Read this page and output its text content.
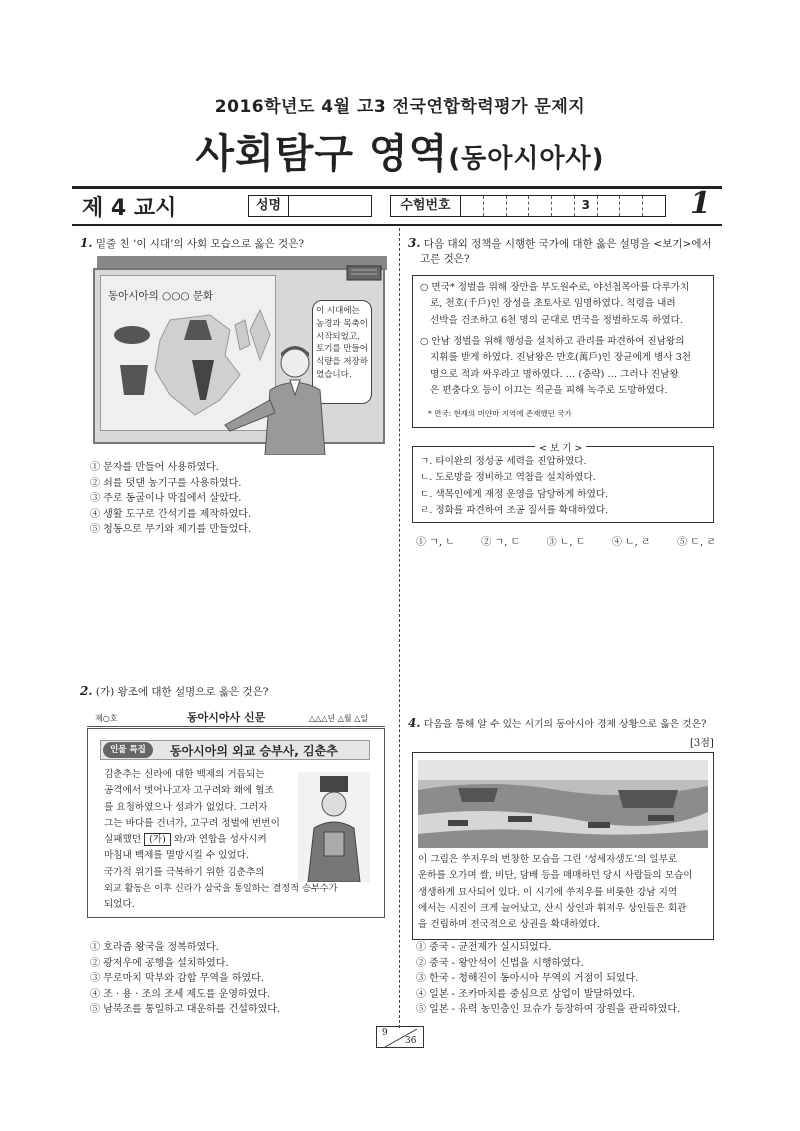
2016학년도 4월 고3 전국연합학력평가 문제지
사회탐구 영역(동아시아사)
제 4 교시	성명	수험번호	3	1
1. 밑줄 친 ‘이 시대’의 사회 모습으로 옳은 것은?
동아시아의 ○○○ 문화
이 시대에는
농경과 목축이
시작되었고,
토기를 만들어
식량을 저장하
였습니다.
① 문자를 만들어 사용하였다.
② 쇠를 덧댄 농기구를 사용하였다.
③ 주로 동굴이나 막집에서 살았다.
④ 생활 도구로 간석기를 제작하였다.
⑤ 청동으로 무기와 제기를 만들었다.
2. (가) 왕조에 대한 설명으로 옳은 것은?
제○호	동아시아사 신문	△△△년 △월 △일
인물 특집	동아시아의 외교 승부사, 김춘추
김춘추는 신라에 대한 백제의 거듭되는
공격에서 벗어나고자 고구려와 왜에 협조
를 요청하였으나 성과가 없었다. 그러자
그는 바다를 건너가, 고구려 정벌에 번번이
실패했던 (가) 와/과 연합을 성사시켜
마침내 백제를 멸망시킬 수 있었다.
국가적 위기를 극복하기 위한 김춘추의
외교 활동은 이후 신라가 삼국을 통일하는 결정적 승부수가
되었다.
① 호라즘 왕국을 정복하였다.
② 광저우에 공행을 설치하였다.
③ 무로마치 막부와 감합 무역을 하였다.
④ 조 · 용 · 조의 조세 제도를 운영하였다.
⑤ 남북조를 통일하고 대운하를 건설하였다.
3. 다음 대외 정책을 시행한 국가에 대한 옳은 설명을 <보기>에서
고른 것은?
○ 면국* 정벌을 위해 장만을 부도원수로, 야선첩목아를 다루가치
로, 천호(千戶)인 장성을 초토사로 임명하였다. 칙령을 내려
선박을 건조하고 6천 명의 군대로 면국을 정벌하도록 하였다.
○ 안남 정벌을 위해 행성을 설치하고 관리를 파견하여 진남왕의
지휘를 받게 하였다. 진남왕은 만호(萬戶)인 장균에게 병사 3천
명으로 적과 싸우라고 명하였다. … (중략) … 그러나 진남왕
은 편충다오 등이 이끄는 적군을 피해 녹주로 도망하였다.
* 면국: 현재의 미얀마 지역에 존재했던 국가
< 보 기 >
ㄱ. 타이완의 정성공 세력을 진압하였다.
ㄴ. 도로망을 정비하고 역참을 설치하였다.
ㄷ. 색목인에게 재정 운영을 담당하게 하였다.
ㄹ. 정화를 파견하여 조공 질서를 확대하였다.
① ㄱ, ㄴ	② ㄱ, ㄷ	③ ㄴ, ㄷ	④ ㄴ, ㄹ	⑤ ㄷ, ㄹ
4. 다음을 통해 알 수 있는 시기의 동아시아 경제 상황으로 옳은 것은?
[3점]
이 그림은 쑤저우의 번창한 모습을 그린 ‘성세자생도’의 일부로
운하를 오가며 쌀, 비단, 담배 등을 매매하던 당시 사람들의 모습이
생생하게 묘사되어 있다. 이 시기에 쑤저우를 비롯한 강남 지역
에서는 시진이 크게 늘어났고, 산시 상인과 휘저우 상인들은 회관
을 건립하며 전국적으로 상권을 확대하였다.
① 중국 - 균전제가 실시되었다.
② 중국 - 왕안석이 신법을 시행하였다.
③ 한국 - 청해진이 동아시아 무역의 거점이 되었다.
④ 일본 - 조카마치를 중심으로 상업이 발달하였다.
⑤ 일본 - 유력 농민층인 묘슈가 등장하여 장원을 관리하였다.
9
36
